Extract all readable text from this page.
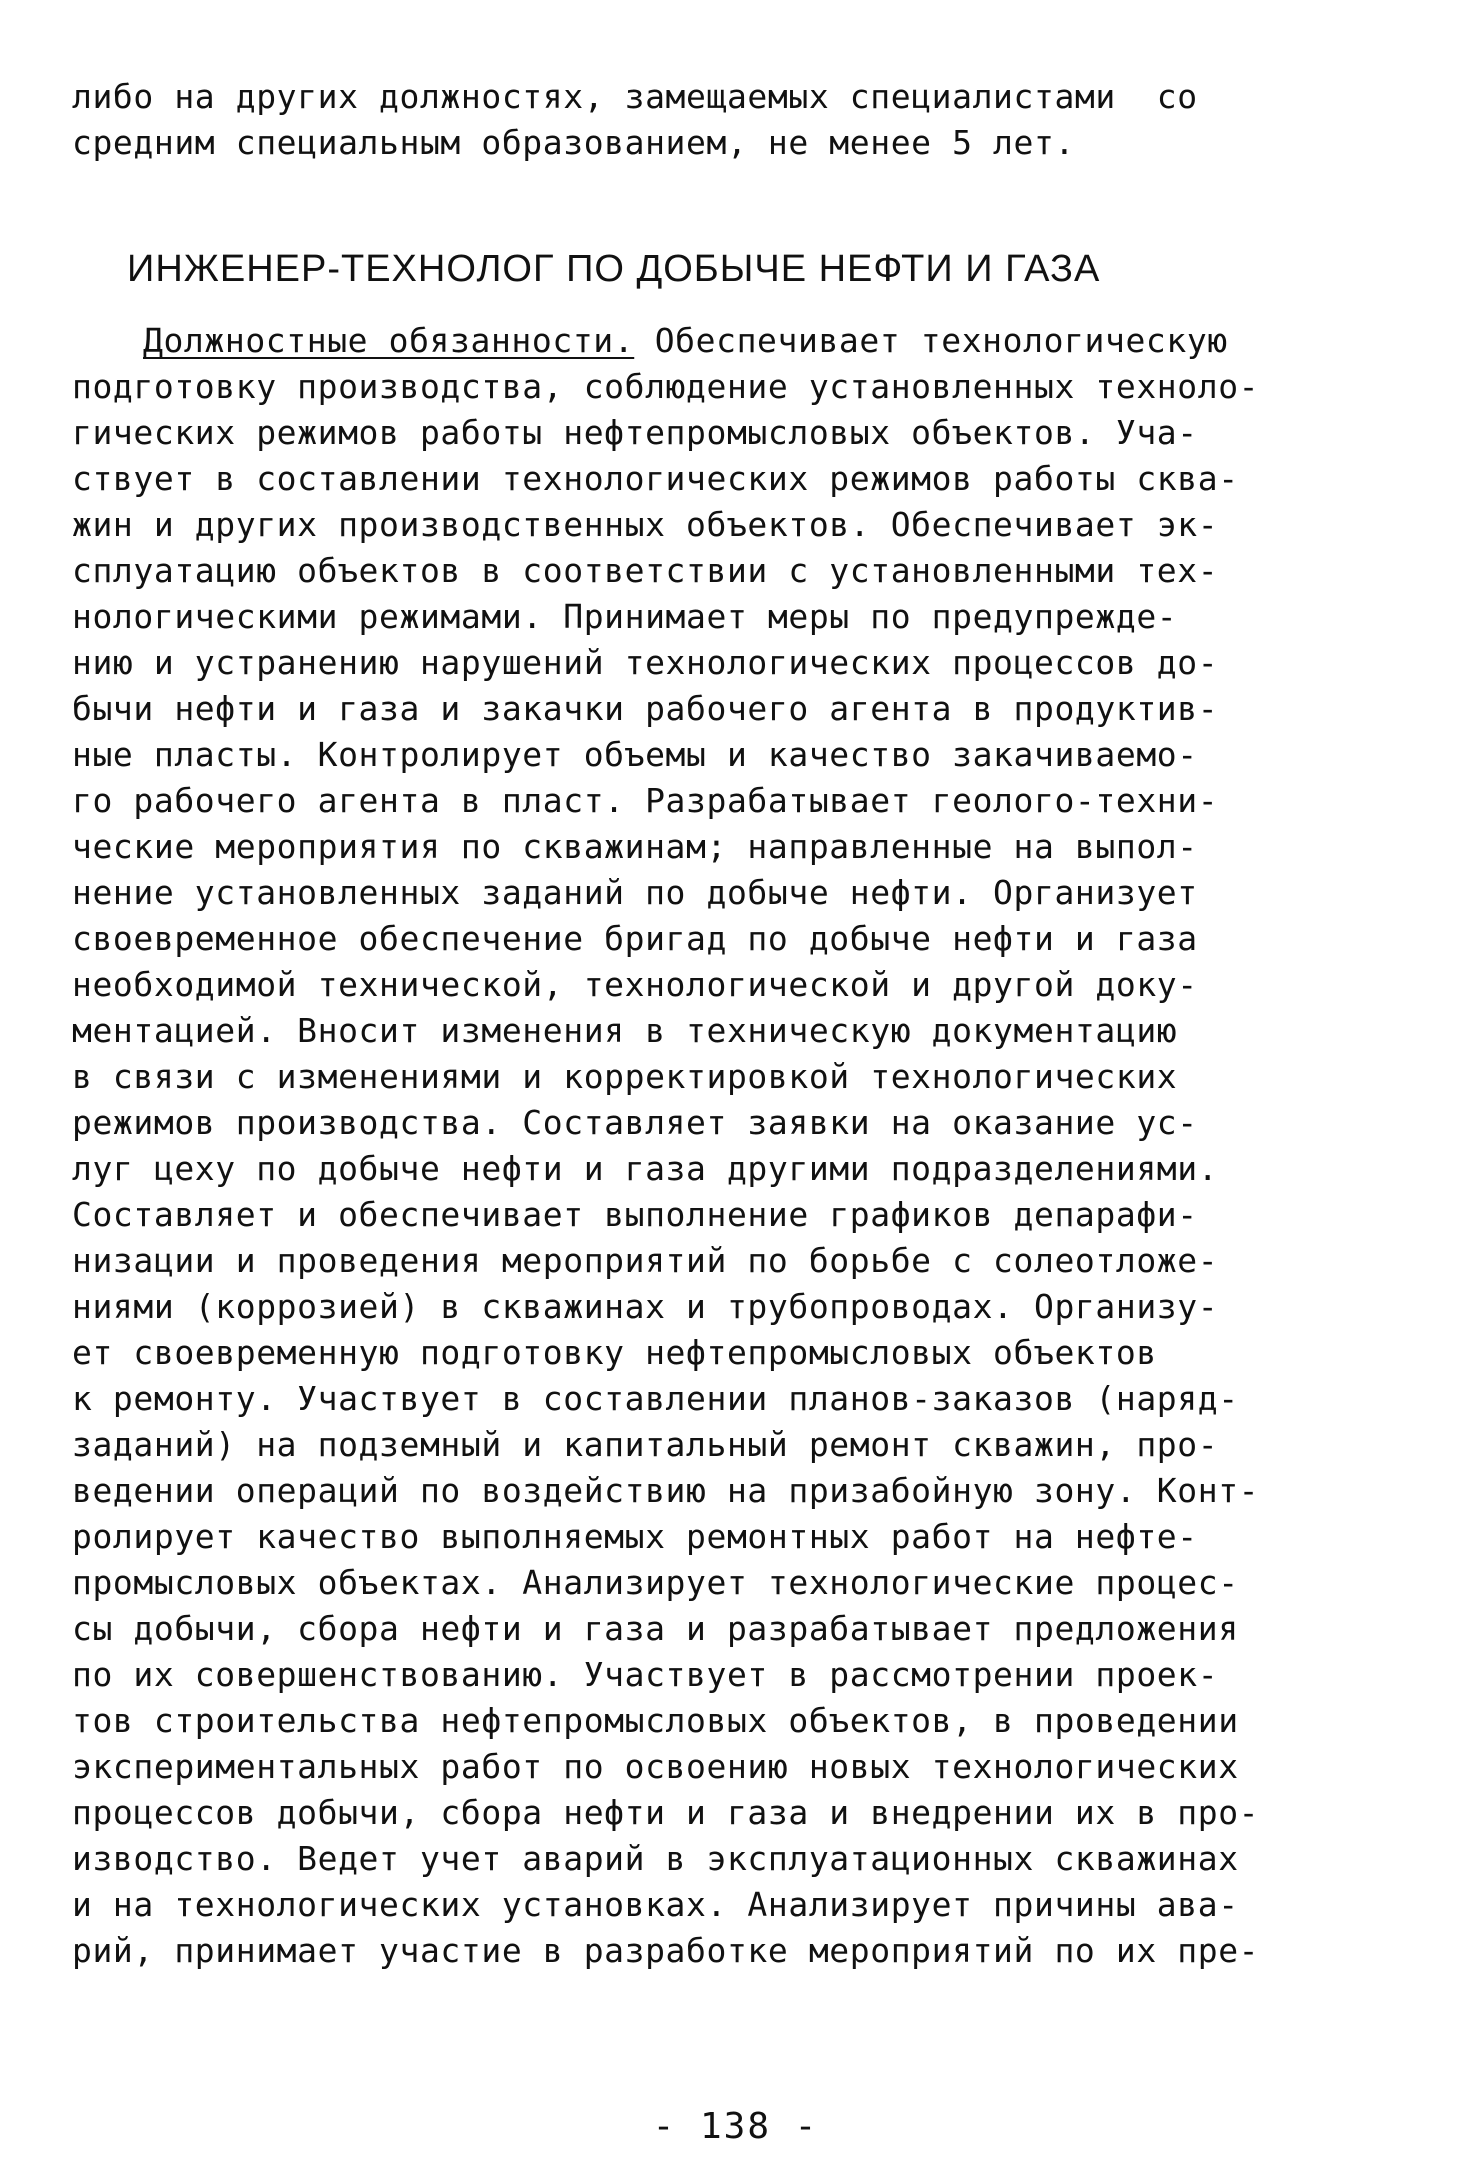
либо на других должностях, замещаемых специалистами  со
средним специальным образованием, не менее 5 лет.
ИНЖЕНЕР-ТЕХНОЛОГ ПО ДОБЫЧЕ НЕФТИ И ГАЗА
Должностные обязанности. Обеспечивает технологическую
подготовку производства, соблюдение установленных техноло-
гических режимов работы нефтепромысловых объектов. Уча-
ствует в составлении технологических режимов работы сква-
жин и других производственных объектов. Обеспечивает эк-
сплуатацию объектов в соответствии с установленными тех-
нологическими режимами. Принимает меры по предупрежде-
нию и устранению нарушений технологических процессов до-
бычи нефти и газа и закачки рабочего агента в продуктив-
ные пласты. Контролирует объемы и качество закачиваемо-
го рабочего агента в пласт. Разрабатывает геолого-техни-
ческие мероприятия по скважинам; направленные на выпол-
нение установленных заданий по добыче нефти. Организует
своевременное обеспечение бригад по добыче нефти и газа
необходимой технической, технологической и другой доку-
ментацией. Вносит изменения в техническую документацию
в связи с изменениями и корректировкой технологических
режимов производства. Составляет заявки на оказание ус-
луг цеху по добыче нефти и газа другими подразделениями.
Составляет и обеспечивает выполнение графиков депарафи-
низации и проведения мероприятий по борьбе с солеотложе-
ниями (коррозией) в скважинах и трубопроводах. Организу-
ет своевременную подготовку нефтепромысловых объектов
к ремонту. Участвует в составлении планов-заказов (наряд-
заданий) на подземный и капитальный ремонт скважин, про-
ведении операций по воздействию на призабойную зону. Конт-
ролирует качество выполняемых ремонтных работ на нефте-
промысловых объектах. Анализирует технологические процес-
сы добычи, сбора нефти и газа и разрабатывает предложения
по их совершенствованию. Участвует в рассмотрении проек-
тов строительства нефтепромысловых объектов, в проведении
экспериментальных работ по освоению новых технологических
процессов добычи, сбора нефти и газа и внедрении их в про-
изводство. Ведет учет аварий в эксплуатационных скважинах
и на технологических установках. Анализирует причины ава-
рий, принимает участие в разработке мероприятий по их пре-
- 138 -
